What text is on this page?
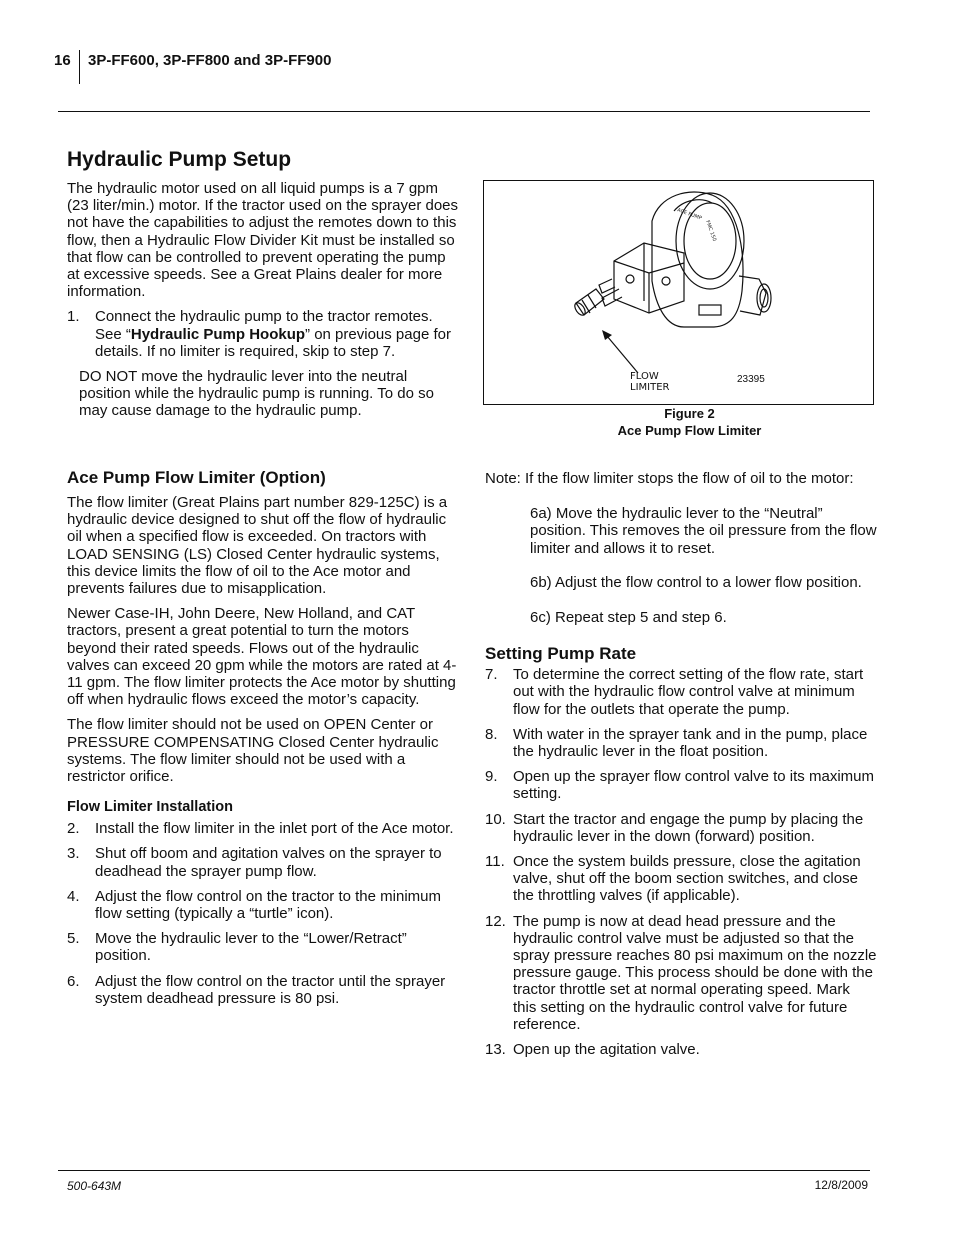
16 3P-FF600, 3P-FF800 and 3P-FF900
Hydraulic Pump Setup

The hydraulic motor used on all liquid pumps is a 7 gpm (23 liter/min.) motor. If the tractor used on the sprayer does not have the capabilities to adjust the remotes down to this flow, then a Hydraulic Flow Divider Kit must be installed so that flow can be controlled to prevent operating the pump at excessive speeds. See a Great Plains dealer for more information.

1. Connect the hydraulic pump to the tractor remotes. See “Hydraulic Pump Hookup” on previous page for details. If no limiter is required, skip to step 7.

DO NOT move the hydraulic lever into the neutral position while the hydraulic pump is running. To do so may cause damage to the hydraulic pump.

Ace Pump Flow Limiter (Option)

The flow limiter (Great Plains part number 829-125C) is a hydraulic device designed to shut off the flow of hydraulic oil when a specified flow is exceeded. On tractors with LOAD SENSING (LS) Closed Center hydraulic systems, this device limits the flow of oil to the Ace motor and prevents failures due to misapplication.

Newer Case-IH, John Deere, New Holland, and CAT tractors, present a great potential to turn the motors beyond their rated speeds. Flows out of the hydraulic valves can exceed 20 gpm while the motors are rated at 4-11 gpm. The flow limiter protects the Ace motor by shutting off when hydraulic flows exceed the motor’s capacity.

The flow limiter should not be used on OPEN Center or PRESSURE COMPENSATING Closed Center hydraulic systems. The flow limiter should not be used with a restrictor orifice.

Flow Limiter Installation
2. Install the flow limiter in the inlet port of the Ace motor.
3. Shut off boom and agitation valves on the sprayer to deadhead the sprayer pump flow.
4. Adjust the flow control on the tractor to the minimum flow setting (typically a “turtle” icon).
5. Move the hydraulic lever to the “Lower/Retract” position.
6. Adjust the flow control on the tractor until the sprayer system deadhead pressure is 80 psi.
ACE PUMP
FMC 150
FLOW
LIMITER
23395
Figure 2
Ace Pump Flow Limiter

Note: If the flow limiter stops the flow of oil to the motor:

6a) Move the hydraulic lever to the “Neutral” position. This removes the oil pressure from the flow limiter and allows it to reset.

6b) Adjust the flow control to a lower flow position.

6c) Repeat step 5 and step 6.

Setting Pump Rate
7. To determine the correct setting of the flow rate, start out with the hydraulic flow control valve at minimum flow for the outlets that operate the pump.
8. With water in the sprayer tank and in the pump, place the hydraulic lever in the float position.
9. Open up the sprayer flow control valve to its maximum setting.
10. Start the tractor and engage the pump by placing the hydraulic lever in the down (forward) position.
11. Once the system builds pressure, close the agitation valve, shut off the boom section switches, and close the throttling valves (if applicable).
12. The pump is now at dead head pressure and the hydraulic control valve must be adjusted so that the spray pressure reaches 80 psi maximum on the nozzle pressure gauge. This process should be done with the tractor throttle set at normal operating speed. Mark this setting on the hydraulic control valve for future reference.
13. Open up the agitation valve.
500-643M	12/8/2009
